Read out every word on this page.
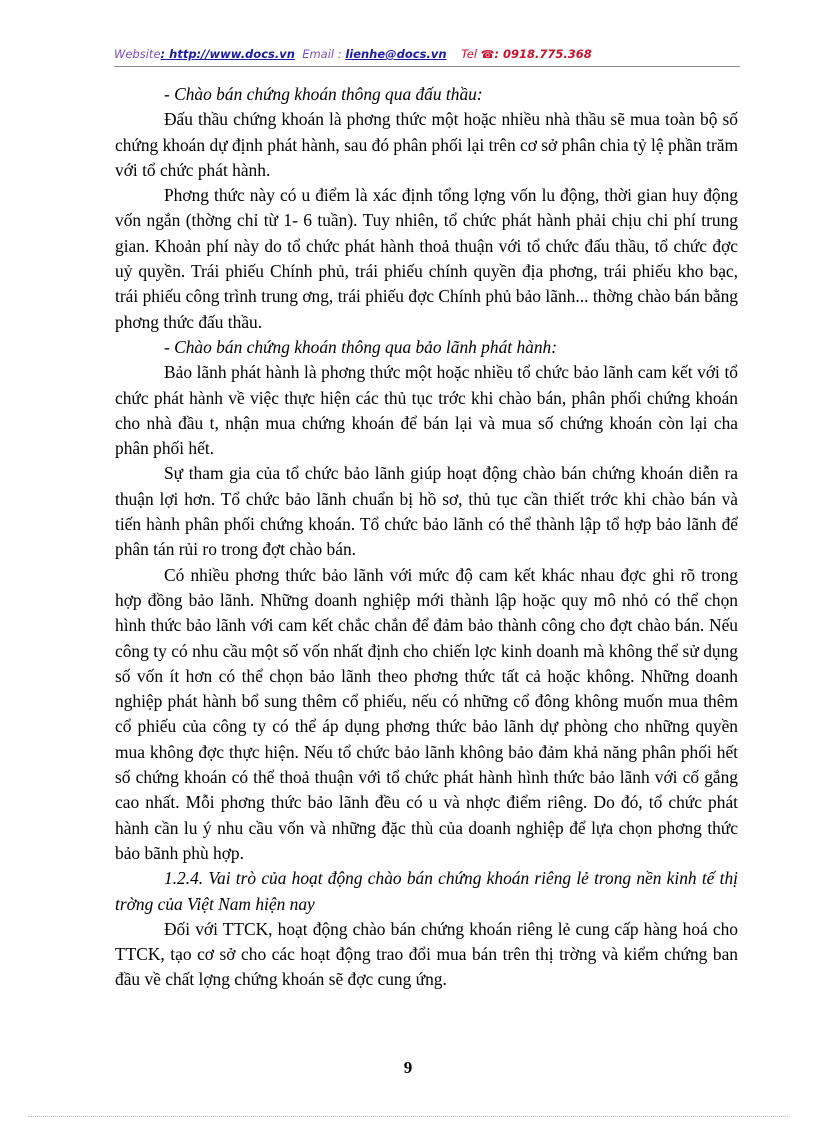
Website: http://www.docs.vn Email : lienhe@docs.vn Tel ☎: 0918.775.368

- Chào bán chứng khoán thông qua đấu thầu:

Đấu thầu chứng khoán là phơng thức một hoặc nhiều nhà thầu sẽ mua toàn bộ số chứng khoán dự định phát hành, sau đó phân phối lại trên cơ sở phân chia tỷ lệ phần trăm với tổ chức phát hành.

Phơng thức này có u điểm là xác định tổng lợng vốn lu động, thời gian huy động vốn ngắn (thờng chỉ từ 1- 6 tuần). Tuy nhiên, tổ chức phát hành phải chịu chi phí trung gian. Khoản phí này do tổ chức phát hành thoả thuận với tổ chức đấu thầu, tổ chức đợc uỷ quyền. Trái phiếu Chính phủ, trái phiếu chính quyền địa phơng, trái phiếu kho bạc, trái phiếu công trình trung ơng, trái phiếu đợc Chính phủ bảo lãnh... thờng chào bán bằng phơng thức đấu thầu.

- Chào bán chứng khoán thông qua bảo lãnh phát hành:

Bảo lãnh phát hành là phơng thức một hoặc nhiều tổ chức bảo lãnh cam kết với tổ chức phát hành về việc thực hiện các thủ tục trớc khi chào bán, phân phối chứng khoán cho nhà đầu t, nhận mua chứng khoán để bán lại và mua số chứng khoán còn lại cha phân phối hết.

Sự tham gia của tổ chức bảo lãnh giúp hoạt động chào bán chứng khoán diễn ra thuận lợi hơn. Tổ chức bảo lãnh chuẩn bị hồ sơ, thủ tục cần thiết trớc khi chào bán và tiến hành phân phối chứng khoán. Tổ chức bảo lãnh có thể thành lập tổ hợp bảo lãnh để phân tán rủi ro trong đợt chào bán.

Có nhiều phơng thức bảo lãnh với mức độ cam kết khác nhau đợc ghi rõ trong hợp đồng bảo lãnh. Những doanh nghiệp mới thành lập hoặc quy mô nhỏ có thể chọn hình thức bảo lãnh với cam kết chắc chắn để đảm bảo thành công cho đợt chào bán. Nếu công ty có nhu cầu một số vốn nhất định cho chiến lợc kinh doanh mà không thể sử dụng số vốn ít hơn có thể chọn bảo lãnh theo phơng thức tất cả hoặc không. Những doanh nghiệp phát hành bổ sung thêm cổ phiếu, nếu có những cổ đông không muốn mua thêm cổ phiếu của công ty có thể áp dụng phơng thức bảo lãnh dự phòng cho những quyền mua không đợc thực hiện. Nếu tổ chức bảo lãnh không bảo đảm khả năng phân phối hết số chứng khoán có thể thoả thuận với tổ chức phát hành hình thức bảo lãnh với cố gắng cao nhất. Mỗi phơng thức bảo lãnh đều có u và nhợc điểm riêng. Do đó, tổ chức phát hành cần lu ý nhu cầu vốn và những đặc thù của doanh nghiệp để lựa chọn phơng thức bảo bãnh phù hợp.

1.2.4. Vai trò của hoạt động chào bán chứng khoán riêng lẻ trong nền kinh tế thị trờng của Việt Nam hiện nay

Đối với TTCK, hoạt động chào bán chứng khoán riêng lẻ cung cấp hàng hoá cho TTCK, tạo cơ sở cho các hoạt động trao đổi mua bán trên thị trờng và kiểm chứng ban đầu về chất lợng chứng khoán sẽ đợc cung ứng.

9
